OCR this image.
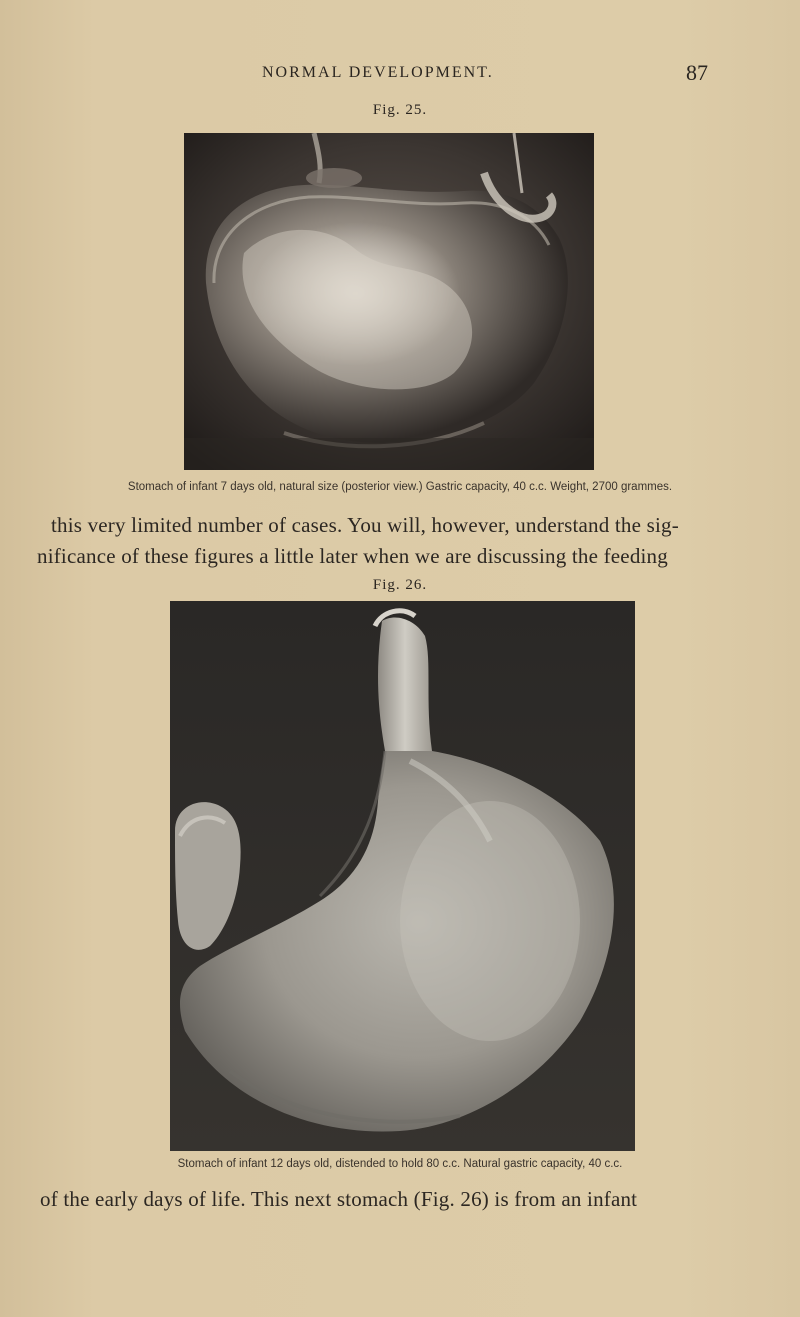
NORMAL DEVELOPMENT.	87
Fig. 25.
Stomach of infant 7 days old, natural size (posterior view.) Gastric capacity, 40 c.c. Weight, 2700 grammes.
this very limited number of cases. You will, however, understand the sig-
nificance of these figures a little later when we are discussing the feeding
Fig. 26.
Stomach of infant 12 days old, distended to hold 80 c.c. Natural gastric capacity, 40 c.c.
of the early days of life. This next stomach (Fig. 26) is from an infant
